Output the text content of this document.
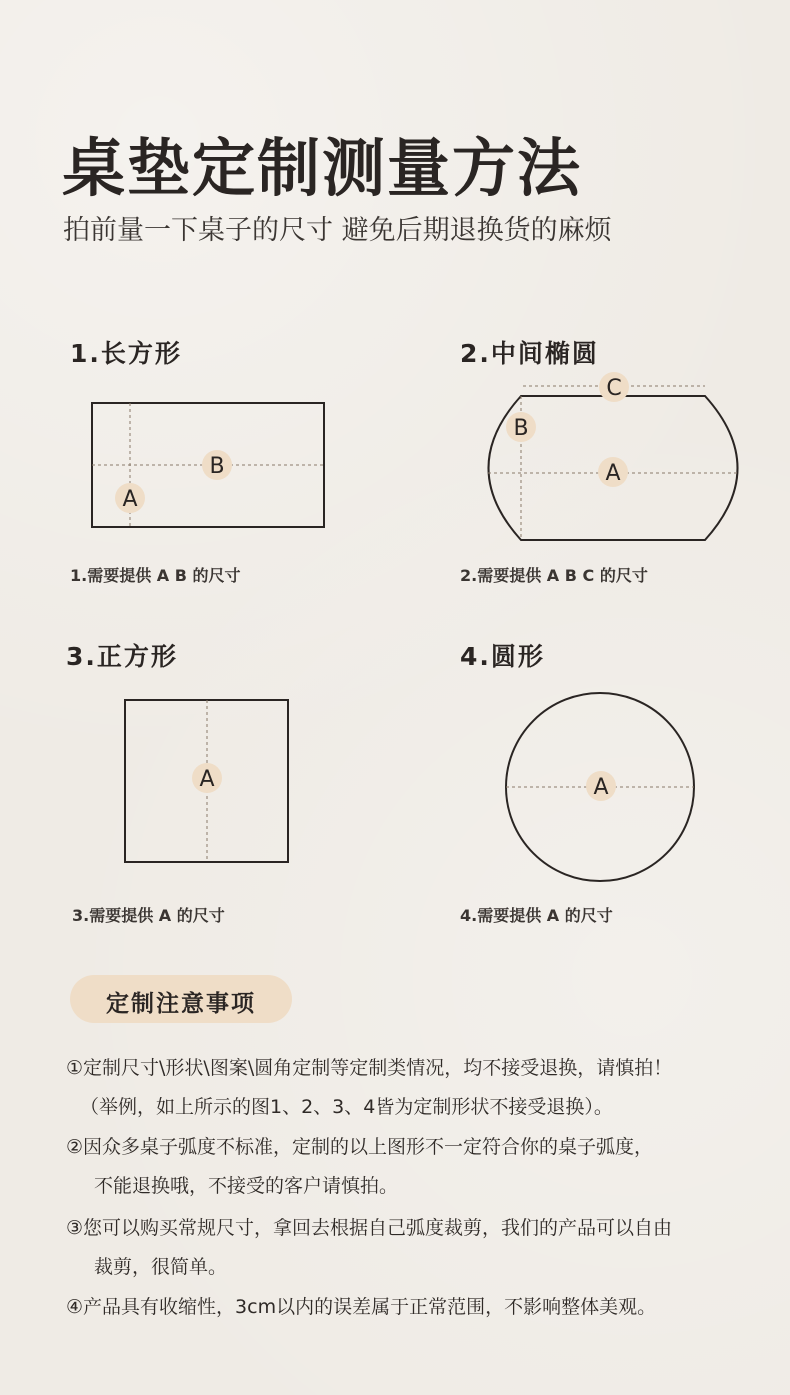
桌垫定制测量方法
拍前量一下桌子的尺寸 避免后期退换货的麻烦
1.长方形
B
A
1.需要提供 A B 的尺寸
2.中间椭圆
C
B
A
2.需要提供 A B C 的尺寸
3.正方形
A
3.需要提供 A 的尺寸
4.圆形
A
4.需要提供 A 的尺寸
定制注意事项
①定制尺寸\形状\图案\圆角定制等定制类情况，均不接受退换，请慎拍！
（举例，如上所示的图1、2、3、4皆为定制形状不接受退换）。
②因众多桌子弧度不标准，定制的以上图形不一定符合你的桌子弧度，
不能退换哦，不接受的客户请慎拍。
③您可以购买常规尺寸，拿回去根据自己弧度裁剪，我们的产品可以自由
裁剪，很简单。
④产品具有收缩性，3cm以内的误差属于正常范围，不影响整体美观。
